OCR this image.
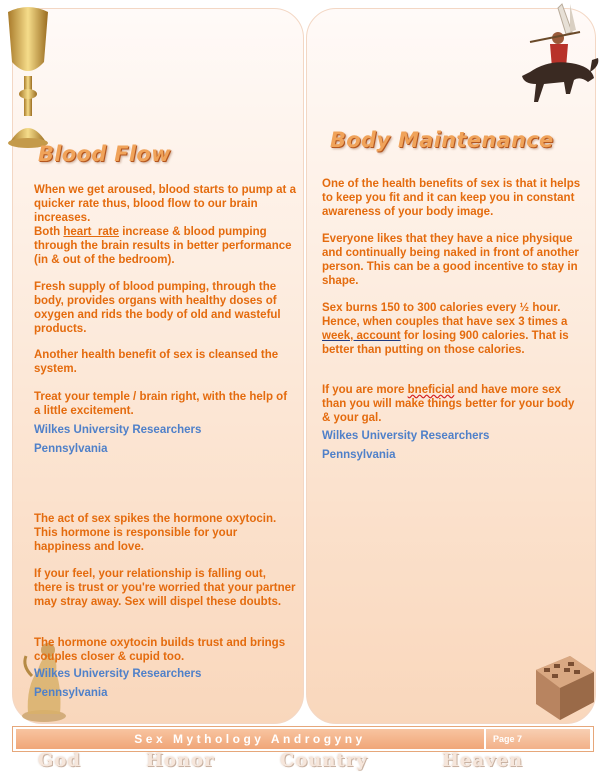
Blood Flow
Body Maintenance

When we get aroused, blood starts to pump at a quicker rate thus, blood flow to our brain increases.
Both heart_rate increase & blood pumping through the brain results in better performance (in & out of the bedroom).

Fresh supply of blood pumping, through the body, provides organs with healthy doses of oxygen and rids the body of old and wasteful products.

Another health benefit of sex is cleansed the system.

Treat your temple / brain right, with the help of a little excitement.

Wilkes University Researchers

Pennsylvania

The act of sex spikes the hormone oxytocin. This hormone is responsible for your happiness and love.

If your feel, your relationship is falling out, there is trust or you're worried that your partner may stray away. Sex will dispel these doubts.

The hormone oxytocin builds trust and brings couples closer & cupid too.

Wilkes University Researchers

Pennsylvania

One of the health benefits of sex is that it helps to keep you fit and it can keep you in constant awareness of your body image.

Everyone likes that they have a nice physique and continually being naked in front of another person. This can be a good incentive to stay in shape.

Sex burns 150 to 300 calories every ½ hour. Hence, when couples that have sex 3 times a week, account for losing 900 calories. That is better than putting on those calories.

If you are more bneficial and have more sex than you will make things better for your body & your gal.

Wilkes University Researchers

Pennsylvania

Sex Mythology Androgyny	Page 7

God	Honor	Country	Heaven
